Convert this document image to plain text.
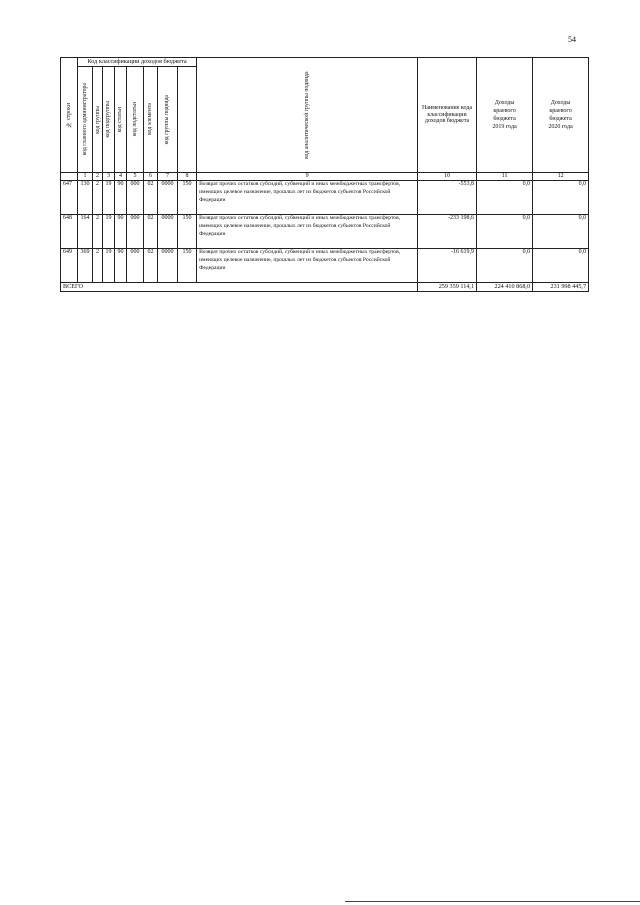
54
№ строки	Код классификации доходов бюджета								код аналитической группы подвида	Наименование кода классификации доходов бюджета	Доходы
краевого
бюджета
2019 года	Доходы
краевого
бюджета
2020 года	

	код главного администратора	код группы	код подгруппы	код статьи	код подстатьи	код элемента	код группы подвида						

	1	2	3	4	5	6	7	8	9	10	11	12	
647	130	2	19	90	000	02	0000	150	Возврат прочих остатков субсидий, субвенций и иных межбюджетных трансфертов, имеющих целевое назначение, прошлых лет из бюджетов субъектов Российской Федерации	-553,8	0,0	0,0	
648	164	2	19	90	000	02	0000	150	Возврат прочих остатков субсидий, субвенций и иных межбюджетных трансфертов, имеющих целевое назначение, прошлых лет из бюджетов субъектов Российской Федерации	-233 198,6	0,0	0,0	
649	369	2	19	90	000	02	0000	150	Возврат прочих остатков субсидий, субвенций и иных межбюджетных трансфертов, имеющих целевое назначение, прошлых лет из бюджетов субъектов Российской Федерации	-16 619,9	0,0	0,0	
ВСЕГО										259 359 114,1	224 410 868,0	231 998 445,7	
